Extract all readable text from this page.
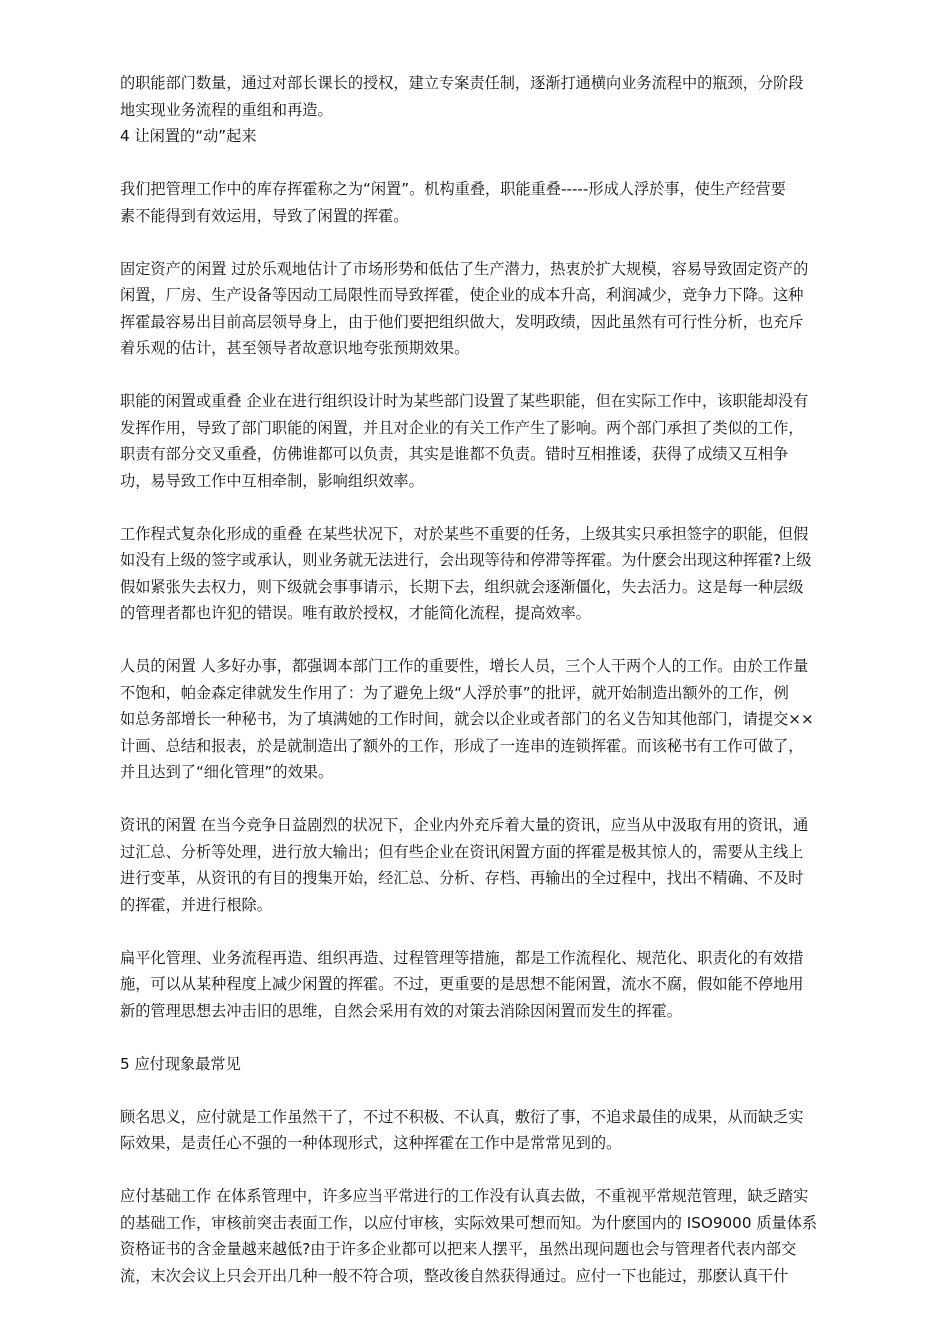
的职能部门数量，通过对部长课长的授权，建立专案责任制，逐渐打通横向业务流程中的瓶颈，分阶段
地实现业务流程的重组和再造。
4 让闲置的“动”起来
我们把管理工作中的库存挥霍称之为“闲置”。机构重叠，职能重叠-----形成人浮於事，使生产经营要
素不能得到有效运用，导致了闲置的挥霍。
固定资产的闲置 过於乐观地估计了市场形势和低估了生产潜力，热衷於扩大规模，容易导致固定资产的
闲置，厂房、生产设备等因动工局限性而导致挥霍，使企业的成本升高，利润减少，竞争力下降。这种
挥霍最容易出目前高层领导身上，由于他们要把组织做大，发明政绩，因此虽然有可行性分析，也充斥
着乐观的估计，甚至领导者故意识地夸张预期效果。
职能的闲置或重叠 企业在进行组织设计时为某些部门设置了某些职能，但在实际工作中，该职能却没有
发挥作用，导致了部门职能的闲置，并且对企业的有关工作产生了影响。两个部门承担了类似的工作，
职责有部分交叉重叠，仿佛谁都可以负责，其实是谁都不负责。错时互相推诿，获得了成绩又互相争
功，易导致工作中互相牵制，影响组织效率。
工作程式复杂化形成的重叠 在某些状况下，对於某些不重要的任务，上级其实只承担签字的职能，但假
如没有上级的签字或承认，则业务就无法进行，会出现等待和停滞等挥霍。为什麽会出现这种挥霍?上级
假如紧张失去权力，则下级就会事事请示，长期下去，组织就会逐渐僵化，失去活力。这是每一种层级
的管理者都也许犯的错误。唯有敢於授权，才能简化流程，提高效率。
人员的闲置 人多好办事，都强调本部门工作的重要性，增长人员，三个人干两个人的工作。由於工作量
不饱和，帕金森定律就发生作用了：为了避免上级“人浮於事”的批评，就开始制造出额外的工作，例
如总务部增长一种秘书，为了填满她的工作时间，就会以企业或者部门的名义告知其他部门，请提交××
计画、总结和报表，於是就制造出了额外的工作，形成了一连串的连锁挥霍。而该秘书有工作可做了，
并且达到了“细化管理”的效果。
资讯的闲置 在当今竞争日益剧烈的状况下，企业内外充斥着大量的资讯，应当从中汲取有用的资讯，通
过汇总、分析等处理，进行放大输出；但有些企业在资讯闲置方面的挥霍是极其惊人的，需要从主线上
进行变革，从资讯的有目的搜集开始，经汇总、分析、存档、再输出的全过程中，找出不精确、不及时
的挥霍，并进行根除。
扁平化管理、业务流程再造、组织再造、过程管理等措施，都是工作流程化、规范化、职责化的有效措
施，可以从某种程度上减少闲置的挥霍。不过，更重要的是思想不能闲置，流水不腐，假如能不停地用
新的管理思想去冲击旧的思维，自然会采用有效的对策去消除因闲置而发生的挥霍。
5 应付现象最常见
顾名思义，应付就是工作虽然干了，不过不积极、不认真，敷衍了事，不追求最佳的成果，从而缺乏实
际效果，是责任心不强的一种体现形式，这种挥霍在工作中是常常见到的。
应付基础工作 在体系管理中，许多应当平常进行的工作没有认真去做，不重视平常规范管理，缺乏踏实
的基础工作，审核前突击表面工作，以应付审核，实际效果可想而知。为什麽国内的 ISO9000 质量体系
资格证书的含金量越来越低?由于许多企业都可以把来人摆平，虽然出现问题也会与管理者代表内部交
流，末次会议上只会开出几种一般不符合项，整改後自然获得通过。应付一下也能过，那麽认真干什
